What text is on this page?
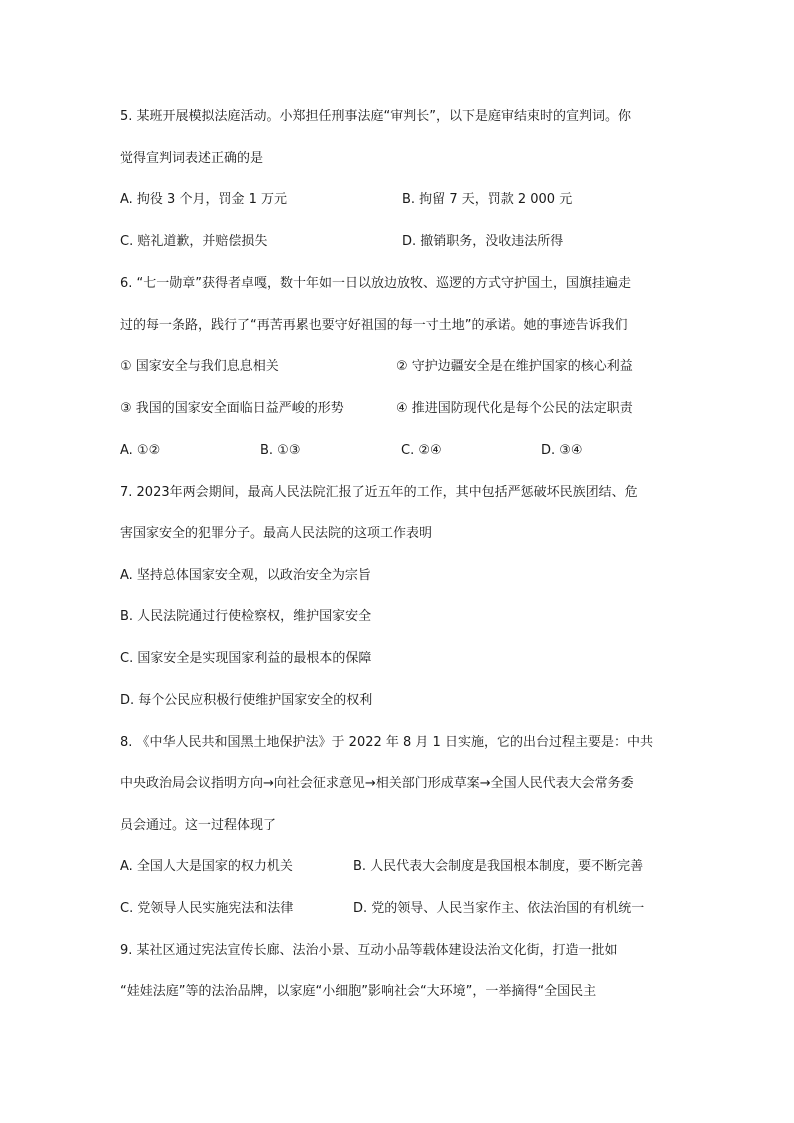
5. 某班开展模拟法庭活动。小郑担任刑事法庭“审判长”，以下是庭审结束时的宣判词。你
觉得宣判词表述正确的是
A. 拘役 3 个月，罚金 1 万元	B. 拘留 7 天，罚款 2 000 元
C. 赔礼道歉，并赔偿损失	D. 撤销职务，没收违法所得
6. “七一勋章”获得者卓嘎，数十年如一日以放边放牧、巡逻的方式守护国土，国旗挂遍走
过的每一条路，践行了“再苦再累也要守好祖国的每一寸土地”的承诺。她的事迹告诉我们
① 国家安全与我们息息相关	② 守护边疆安全是在维护国家的核心利益
③ 我国的国家安全面临日益严峻的形势	④ 推进国防现代化是每个公民的法定职责
A. ①②	B. ①③	C. ②④	D. ③④
7. 2023年两会期间，最高人民法院汇报了近五年的工作，其中包括严惩破坏民族团结、危
害国家安全的犯罪分子。最高人民法院的这项工作表明
A. 坚持总体国家安全观，以政治安全为宗旨
B. 人民法院通过行使检察权，维护国家安全
C. 国家安全是实现国家利益的最根本的保障
D. 每个公民应积极行使维护国家安全的权利
8. 《中华人民共和国黑土地保护法》于 2022 年 8 月 1 日实施，它的出台过程主要是：中共
中央政治局会议指明方向→向社会征求意见→相关部门形成草案→全国人民代表大会常务委
员会通过。这一过程体现了
A. 全国人大是国家的权力机关	B. 人民代表大会制度是我国根本制度，要不断完善
C. 党领导人民实施宪法和法律	D. 党的领导、人民当家作主、依法治国的有机统一
9. 某社区通过宪法宣传长廊、法治小景、互动小品等载体建设法治文化街，打造一批如
“娃娃法庭”等的法治品牌，以家庭“小细胞”影响社会“大环境”，一举摘得“全国民主
